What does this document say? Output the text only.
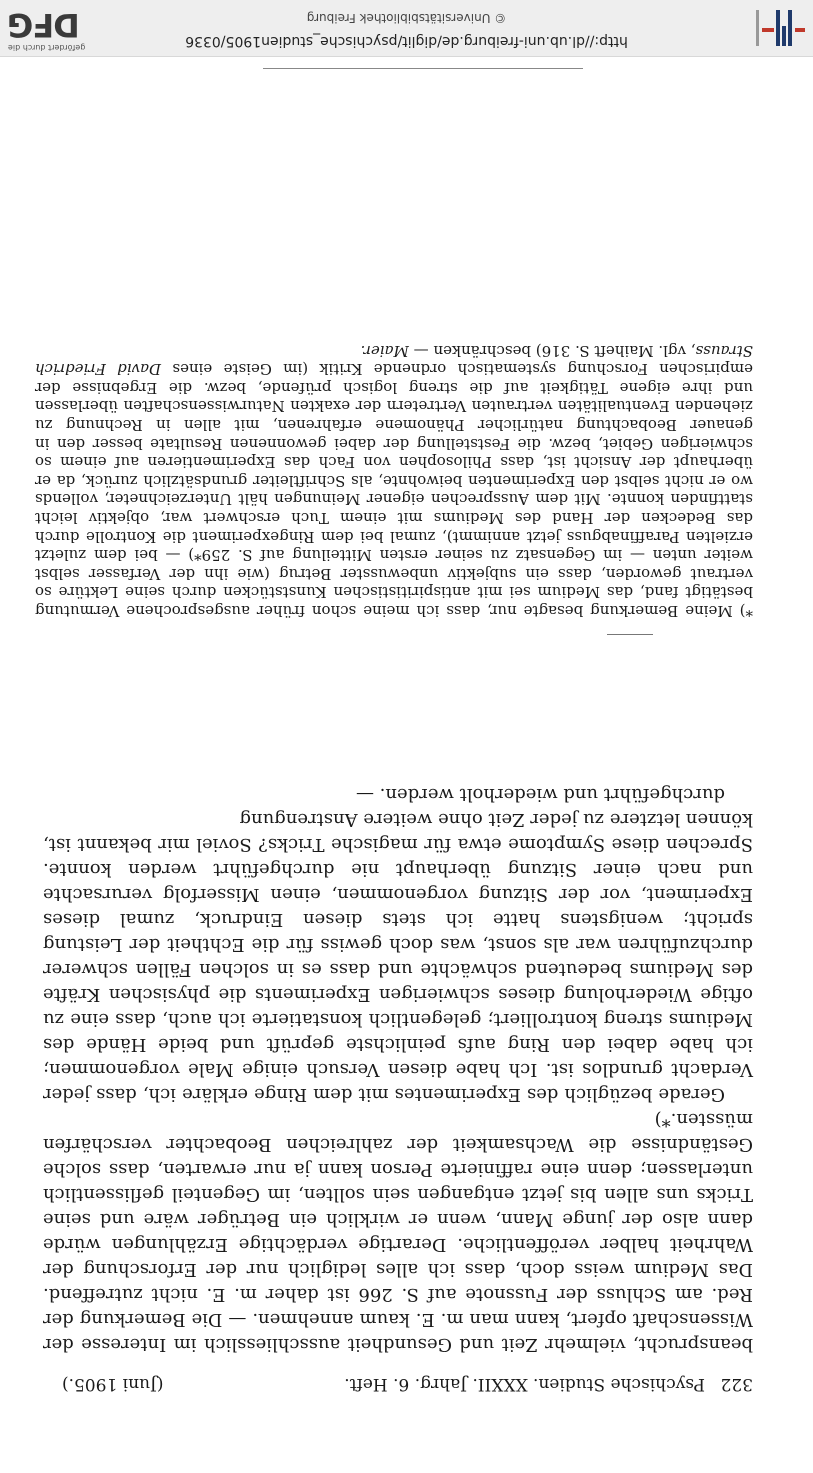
322
Psychische Studien. XXXII. Jahrg. 6. Heft.
(Juni 1905.)

beansprucht, vielmehr Zeit und Gesundheit ausschliesslich im Interesse der Wissenschaft opfert, kann man m. E. kaum annehmen. — Die Bemerkung der Red. am Schluss der Fussnote auf S. 266 ist daher m. E. nicht zutreffend. Das Medium weiss doch, dass ich alles lediglich nur der Erforschung der Wahrheit halber veröffentliche. Derartige verdächtige Erzählungen würde dann also der junge Mann, wenn er wirklich ein Betrüger wäre und seine Tricks uns allen bis jetzt entgangen sein sollten, im Gegenteil geflissentlich unterlassen; denn eine raffinierte Person kann ja nur erwarten, dass solche Geständnisse die Wachsamkeit der zahlreichen Beobachter verschärfen müssten.*)

Gerade bezüglich des Experimentes mit dem Ringe erkläre ich, dass jeder Verdacht grundlos ist. Ich habe diesen Versuch einige Male vorgenommen; ich habe dabei den Ring aufs peinlichste geprüft und beide Hände des Mediums streng kontrolliert; gelegentlich konstatierte ich auch, dass eine zu oftige Wiederholung dieses schwierigen Experiments die physischen Kräfte des Mediums bedeutend schwächte und dass es in solchen Fällen schwerer durchzuführen war als sonst, was doch gewiss für die Echtheit der Leistung spricht; wenigstens hatte ich stets diesen Eindruck, zumal dieses Experiment, vor der Sitzung vorgenommen, einen Misserfolg verursachte und nach einer Sitzung überhaupt nie durchgeführt werden konnte. Sprechen diese Symptome etwa für magische Tricks? Soviel mir bekannt ist, können letztere zu jeder Zeit ohne weitere Anstrengung

durchgeführt und wiederholt werden. —

*) Meine Bemerkung besagte nur, dass ich meine schon früher ausgesprochene Vermutung bestätigt fand, das Medium sei mit antispiritistischen Kunststücken durch seine Lektüre so vertraut geworden, dass ein subjektiv unbewusster Betrug (wie ihn der Verfasser selbst weiter unten — im Gegensatz zu seiner ersten Mitteilung auf S. 259*) — bei dem zuletzt erzielten Paraffinabguss jetzt annimmt), zumal bei dem Ringexperiment die Kontrolle durch das Bedecken der Hand des Mediums mit einem Tuch erschwert war, objektiv leicht stattfinden konnte. Mit dem Aussprechen eigener Meinungen hält Unterzeichneter, vollends wo er nicht selbst den Experimenten beiwohnte, als Schriftleiter grundsätzlich zurück, da er überhaupt der Ansicht ist, dass Philosophen von Fach das Experimentieren auf einem so schwierigen Gebiet, bezw. die Feststellung der dabei gewonnenen Resultate besser den in genauer Beobachtung natürlicher Phänomene erfahrenen, mit allen in Rechnung zu ziehenden Eventualitäten vertrauten Vertretern der exakten Naturwissenschaften überlassen und ihre eigene Tätigkeit auf die streng logisch prüfende, bezw. die Ergebnisse der empirischen Forschung systematisch ordnende Kritik (im Geiste eines David Friedrich Strauss, vgl. Maiheft S. 316) beschränken — Maier.

http://dl.ub.uni-freiburg.de/diglit/psychische_studien1905/0336
© Universitätsbibliothek Freiburg
gefördert durch die
DFG
